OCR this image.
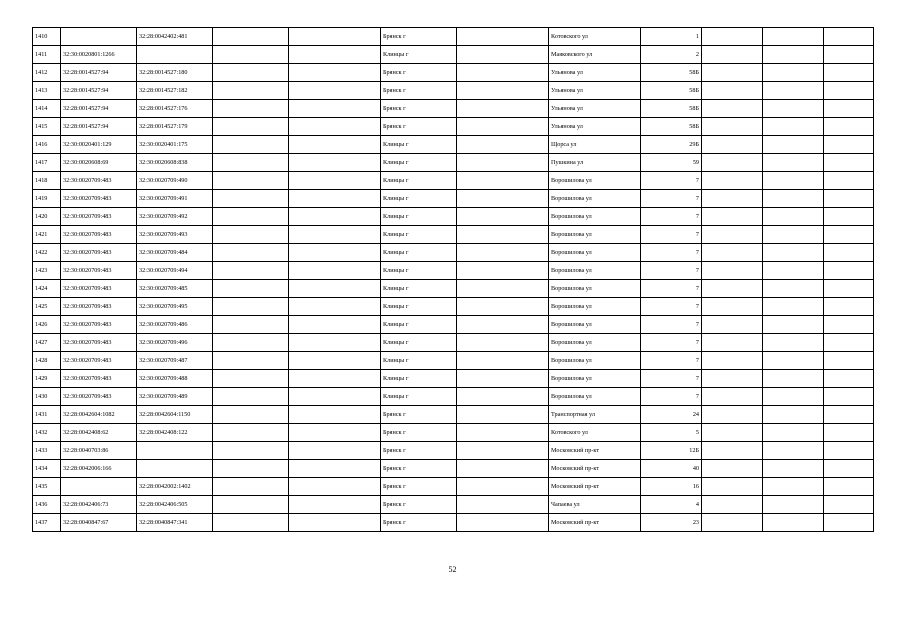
1410		32:28:0042402:481			Брянск г		Котовского ул	1			
1411	32:30:0020801:1266				Клинцы г		Маяковского ул	2			
1412	32:28:0014527:94	32:28:0014527:180			Брянск г		Ульянова ул	58Б			
1413	32:28:0014527:94	32:28:0014527:182			Брянск г		Ульянова ул	58Б			
1414	32:28:0014527:94	32:28:0014527:176			Брянск г		Ульянова ул	58Б			
1415	32:28:0014527:94	32:28:0014527:179			Брянск г		Ульянова ул	58Б			
1416	32:30:0020401:129	32:30:0020401:175			Клинцы г		Щорса ул	29Б			
1417	32:30:0020608:69	32:30:0020608:838			Клинцы г		Пушкина ул	59			
1418	32:30:0020709:483	32:30:0020709:490			Клинцы г		Ворошилова ул	7			
1419	32:30:0020709:483	32:30:0020709:491			Клинцы г		Ворошилова ул	7			
1420	32:30:0020709:483	32:30:0020709:492			Клинцы г		Ворошилова ул	7			
1421	32:30:0020709:483	32:30:0020709:493			Клинцы г		Ворошилова ул	7			
1422	32:30:0020709:483	32:30:0020709:484			Клинцы г		Ворошилова ул	7			
1423	32:30:0020709:483	32:30:0020709:494			Клинцы г		Ворошилова ул	7			
1424	32:30:0020709:483	32:30:0020709:485			Клинцы г		Ворошилова ул	7			
1425	32:30:0020709:483	32:30:0020709:495			Клинцы г		Ворошилова ул	7			
1426	32:30:0020709:483	32:30:0020709:486			Клинцы г		Ворошилова ул	7			
1427	32:30:0020709:483	32:30:0020709:496			Клинцы г		Ворошилова ул	7			
1428	32:30:0020709:483	32:30:0020709:487			Клинцы г		Ворошилова ул	7			
1429	32:30:0020709:483	32:30:0020709:488			Клинцы г		Ворошилова ул	7			
1430	32:30:0020709:483	32:30:0020709:489			Клинцы г		Ворошилова ул	7			
1431	32:28:0042604:1082	32:28:0042604:1150			Брянск г		Транспортная ул	24			
1432	32:28:0042408:62	32:28:0042408:122			Брянск г		Котовского ул	5			
1433	32:28:0040703:86				Брянск г		Московский пр-кт	12Б			
1434	32:28:0042006:166				Брянск г		Московский пр-кт	40			
1435		32:28:0042002:1402			Брянск г		Московский пр-кт	16			
1436	32:28:0042406:73	32:28:0042406:505			Брянск г		Чапаева ул	4			
1437	32:28:0040847:67	32:28:0040847:341			Брянск г		Московский пр-кт	23			
52
